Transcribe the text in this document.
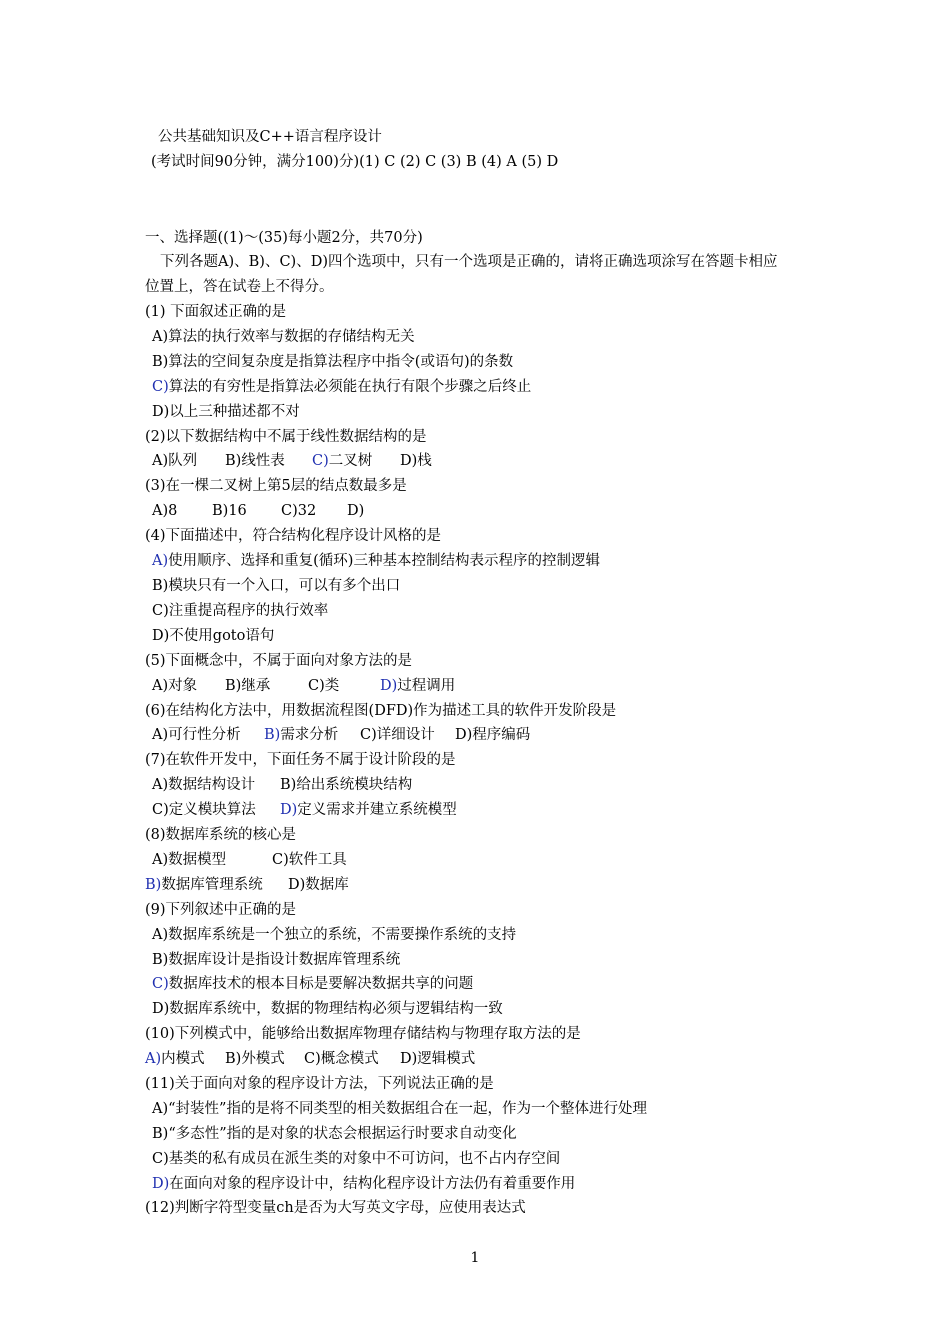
公共基础知识及C++语言程序设计
(考试时间90分钟，满分100)分)(1) C (2) C (3) B (4) A (5) D
一、选择题((1)～(35)每小题2分，共70分)
下列各题A)、B)、C)、D)四个选项中，只有一个选项是正确的，请将正确选项涂写在答题卡相应
位置上，答在试卷上不得分。
(1) 下面叙述正确的是
A)算法的执行效率与数据的存储结构无关
B)算法的空间复杂度是指算法程序中指令(或语句)的条数
C)算法的有穷性是指算法必须能在执行有限个步骤之后终止
D)以上三种描述都不对
(2)以下数据结构中不属于线性数据结构的是
A)队列 B)线性表 C)二叉树 D)栈
(3)在一棵二叉树上第5层的结点数最多是
A)8 B)16 C)32 D)
(4)下面描述中，符合结构化程序设计风格的是
A)使用顺序、选择和重复(循环)三种基本控制结构表示程序的控制逻辑
B)模块只有一个入口，可以有多个出口
C)注重提高程序的执行效率
D)不使用goto语句
(5)下面概念中，不属于面向对象方法的是
A)对象 B)继承	C)类	D)过程调用
(6)在结构化方法中，用数据流程图(DFD)作为描述工具的软件开发阶段是
A)可行性分析 B)需求分析 C)详细设计 D)程序编码
(7)在软件开发中，下面任务不属于设计阶段的是
A)数据结构设计 B)给出系统模块结构
C)定义模块算法 D)定义需求并建立系统模型
(8)数据库系统的核心是
A)数据模型	C)软件工具
B)数据库管理系统 D)数据库
(9)下列叙述中正确的是
A)数据库系统是一个独立的系统，不需要操作系统的支持
B)数据库设计是指设计数据库管理系统
C)数据库技术的根本目标是要解决数据共享的问题
D)数据库系统中，数据的物理结构必须与逻辑结构一致
(10)下列模式中，能够给出数据库物理存储结构与物理存取方法的是
A)内模式 B)外模式 C)概念模式 D)逻辑模式
(11)关于面向对象的程序设计方法，下列说法正确的是
A)“封装性”指的是将不同类型的相关数据组合在一起，作为一个整体进行处理
B)“多态性”指的是对象的状态会根据运行时要求自动变化
C)基类的私有成员在派生类的对象中不可访问，也不占内存空间
D)在面向对象的程序设计中，结构化程序设计方法仍有着重要作用
(12)判断字符型变量ch是否为大写英文字母，应使用表达式
1
